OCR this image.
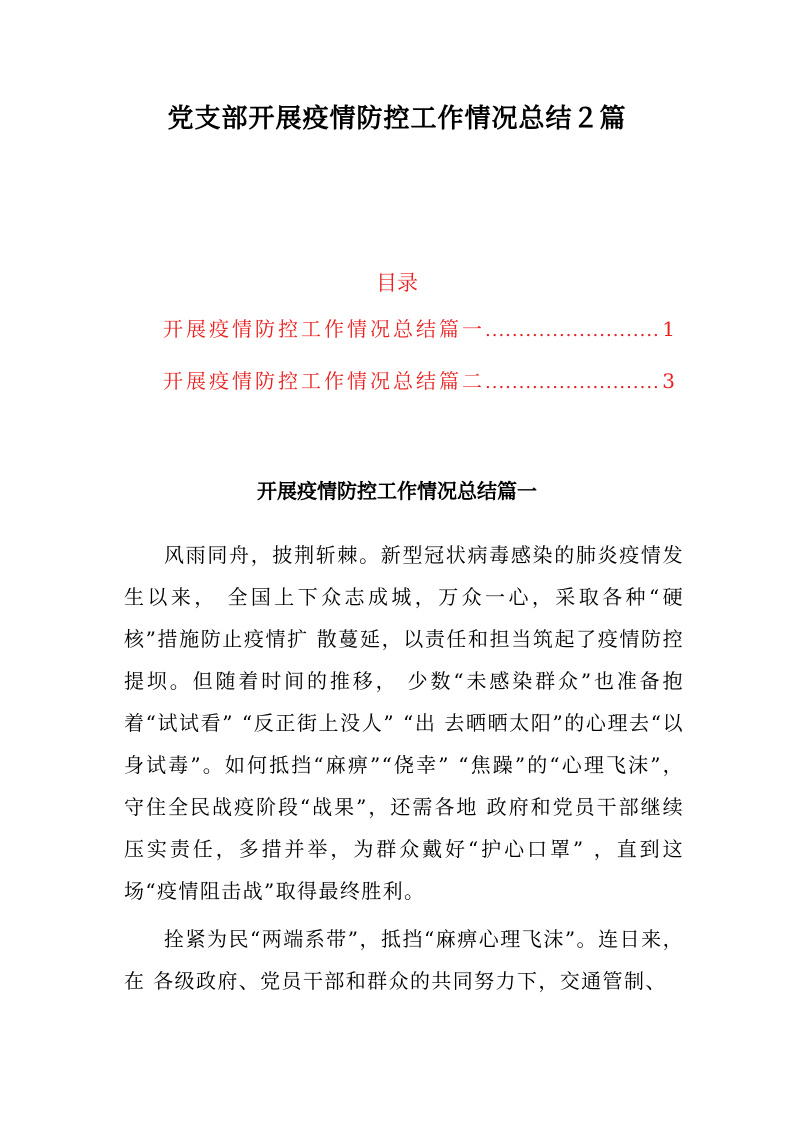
党支部开展疫情防控工作情况总结２篇
目录
开展疫情防控工作情况总结篇一 .....	1
开展疫情防控工作情况总结篇二 .....	3
开展疫情防控工作情况总结篇一

风雨同舟，披荆斩棘。新型冠状病毒感染的肺炎疫情发生以来， 全国上下众志成城，万众一心，采取各种“硬核”措施防止疫情扩 散蔓延，以责任和担当筑起了疫情防控提坝。但随着时间的推移， 少数“未感染群众”也准备抱着“试试看” “反正街上没人” “出 去晒晒太阳”的心理去“以身试毒”。如何抵挡“麻痹”“侥幸” “焦躁”的“心理飞沫”，守住全民战疫阶段“战果”，还需各地 政府和党员干部继续压实责任，多措并举，为群众戴好“护心口罩” ，直到这场“疫情阻击战”取得最终胜利。

拴紧为民“两端系带”，抵挡“麻痹心理飞沫”。连日来，在 各级政府、党员干部和群众的共同努力下，交通管制、
